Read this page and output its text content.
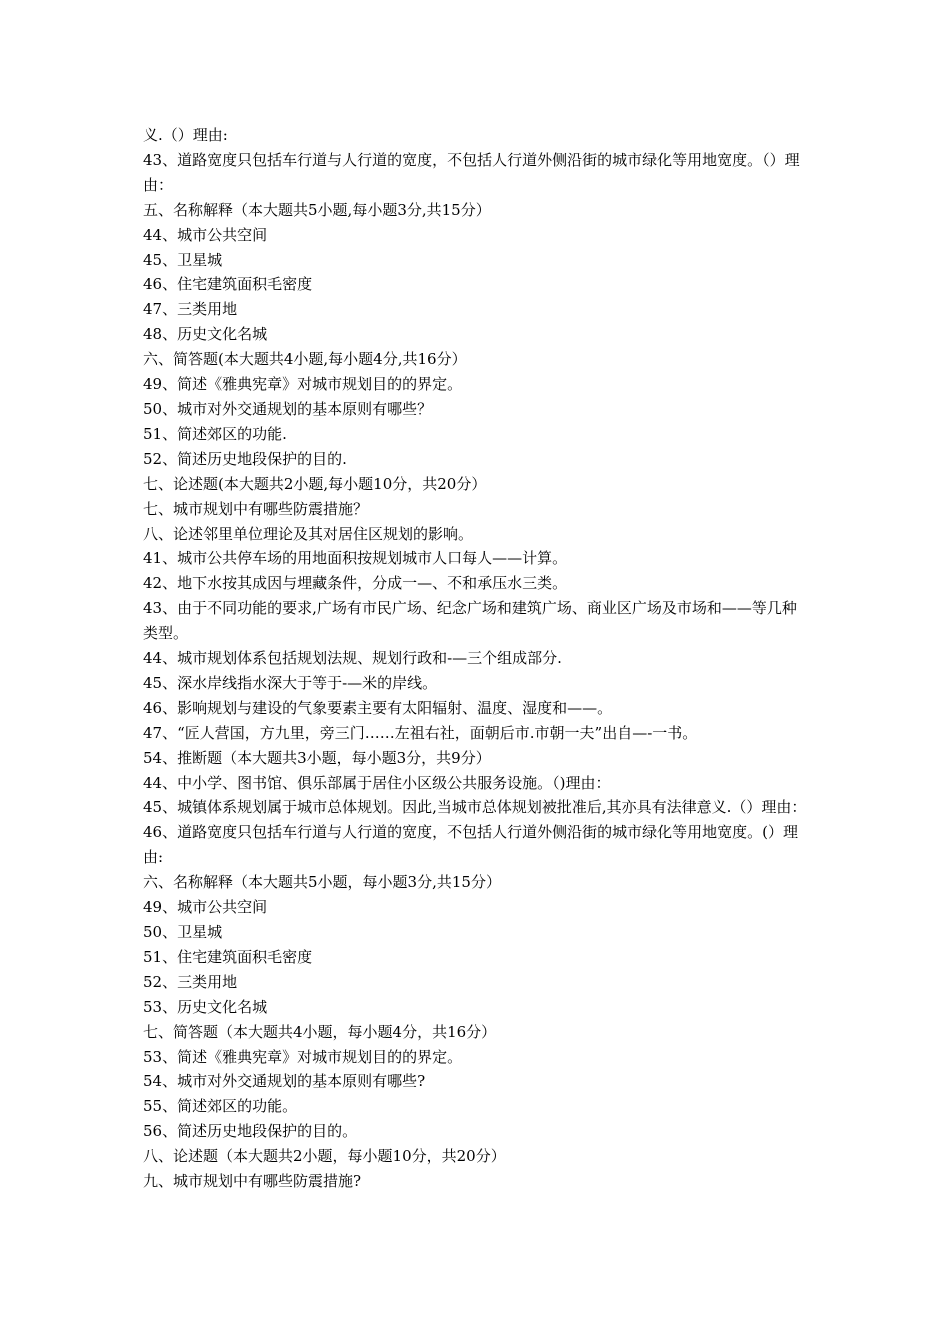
义.（）理由:

43、道路宽度只包括车行道与人行道的宽度，不包括人行道外侧沿街的城市绿化等用地宽度。（）理由：

五、名称解释（本大题共5小题,每小题3分,共15分）

44、城市公共空间

45、卫星城

46、住宅建筑面积毛密度

47、三类用地

48、历史文化名城

六、简答题(本大题共4小题,每小题4分,共16分）

49、简述《雅典宪章》对城市规划目的的界定。

50、城市对外交通规划的基本原则有哪些？

51、简述郊区的功能.

52、简述历史地段保护的目的.

七、论述题(本大题共2小题,每小题10分，共20分）

七、城市规划中有哪些防震措施？

八、论述邻里单位理论及其对居住区规划的影响。

41、城市公共停车场的用地面积按规划城市人口每人——计算。

42、地下水按其成因与埋藏条件，分成一—、不和承压水三类。

43、由于不同功能的要求,广场有市民广场、纪念广场和建筑广场、商业区广场及市场和——等几种类型。

44、城市规划体系包括规划法规、规划行政和-—三个组成部分.

45、深水岸线指水深大于等于-—米的岸线。

46、影响规划与建设的气象要素主要有太阳辐射、温度、湿度和——。

47、“匠人营国，方九里，旁三门……左祖右社，面朝后市.市朝一夫”出自—-一书。

54、推断题（本大题共3小题，每小题3分，共9分）

44、中小学、图书馆、俱乐部属于居住小区级公共服务设施。（)理由：

45、城镇体系规划属于城市总体规划。因此,当城市总体规划被批准后,其亦具有法律意义.（）理由：

46、道路宽度只包括车行道与人行道的宽度，不包括人行道外侧沿街的城市绿化等用地宽度。(）理由:

六、名称解释（本大题共5小题，每小题3分,共15分）

49、城市公共空间

50、卫星城

51、住宅建筑面积毛密度

52、三类用地

53、历史文化名城

七、简答题（本大题共4小题，每小题4分，共16分）

53、简述《雅典宪章》对城市规划目的的界定。

54、城市对外交通规划的基本原则有哪些?

55、简述郊区的功能。

56、简述历史地段保护的目的。

八、论述题（本大题共2小题，每小题10分，共20分）

九、城市规划中有哪些防震措施?
